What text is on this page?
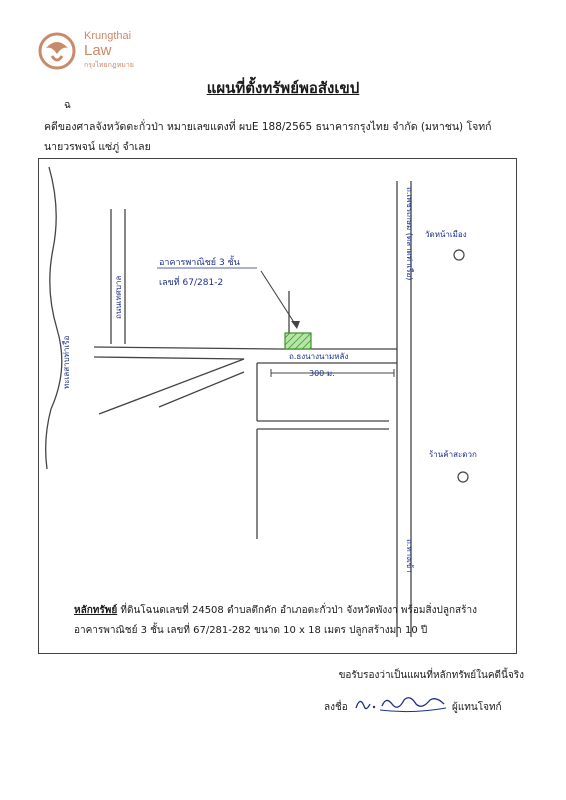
Krungthai
Law
กรุงไทยกฎหมาย
แผนที่ตั้งทรัพย์พอสังเขป
ฉ
คดีของศาลจังหวัดตะกั่วป่า หมายเลขแดงที่ ผบE 188/2565 ธนาคารกรุงไทย จำกัด (มหาชน) โจทก์
นายวรพจน์ แซ่ภู่ จำเลย
อาคารพาณิชย์ 3 ชั้น
เลขที่ 67/281-2
ถ.ธงนางนามหลัง
300 ม.
ถ.เพชรเกษม (ตลาดท่าเรือ)
ถนนเทศบาล
ทะเลสาบท่าเรือ
ถ.ทางเข้า
วัดหน้าเมือง
ร้านค้าสะดวก
หลักทรัพย์ ที่ดินโฉนดเลขที่ 24508 ตำบลตึกคัก อำเภอตะกั่วป่า จังหวัดพังงา พร้อมสิ่งปลูกสร้าง
อาคารพาณิชย์ 3 ชั้น เลขที่ 67/281-282 ขนาด 10 x 18 เมตร ปลูกสร้างมา 10 ปี
ขอรับรองว่าเป็นแผนที่หลักทรัพย์ในคดีนี้จริง
ลงชื่อ	ผู้แทนโจทก์
